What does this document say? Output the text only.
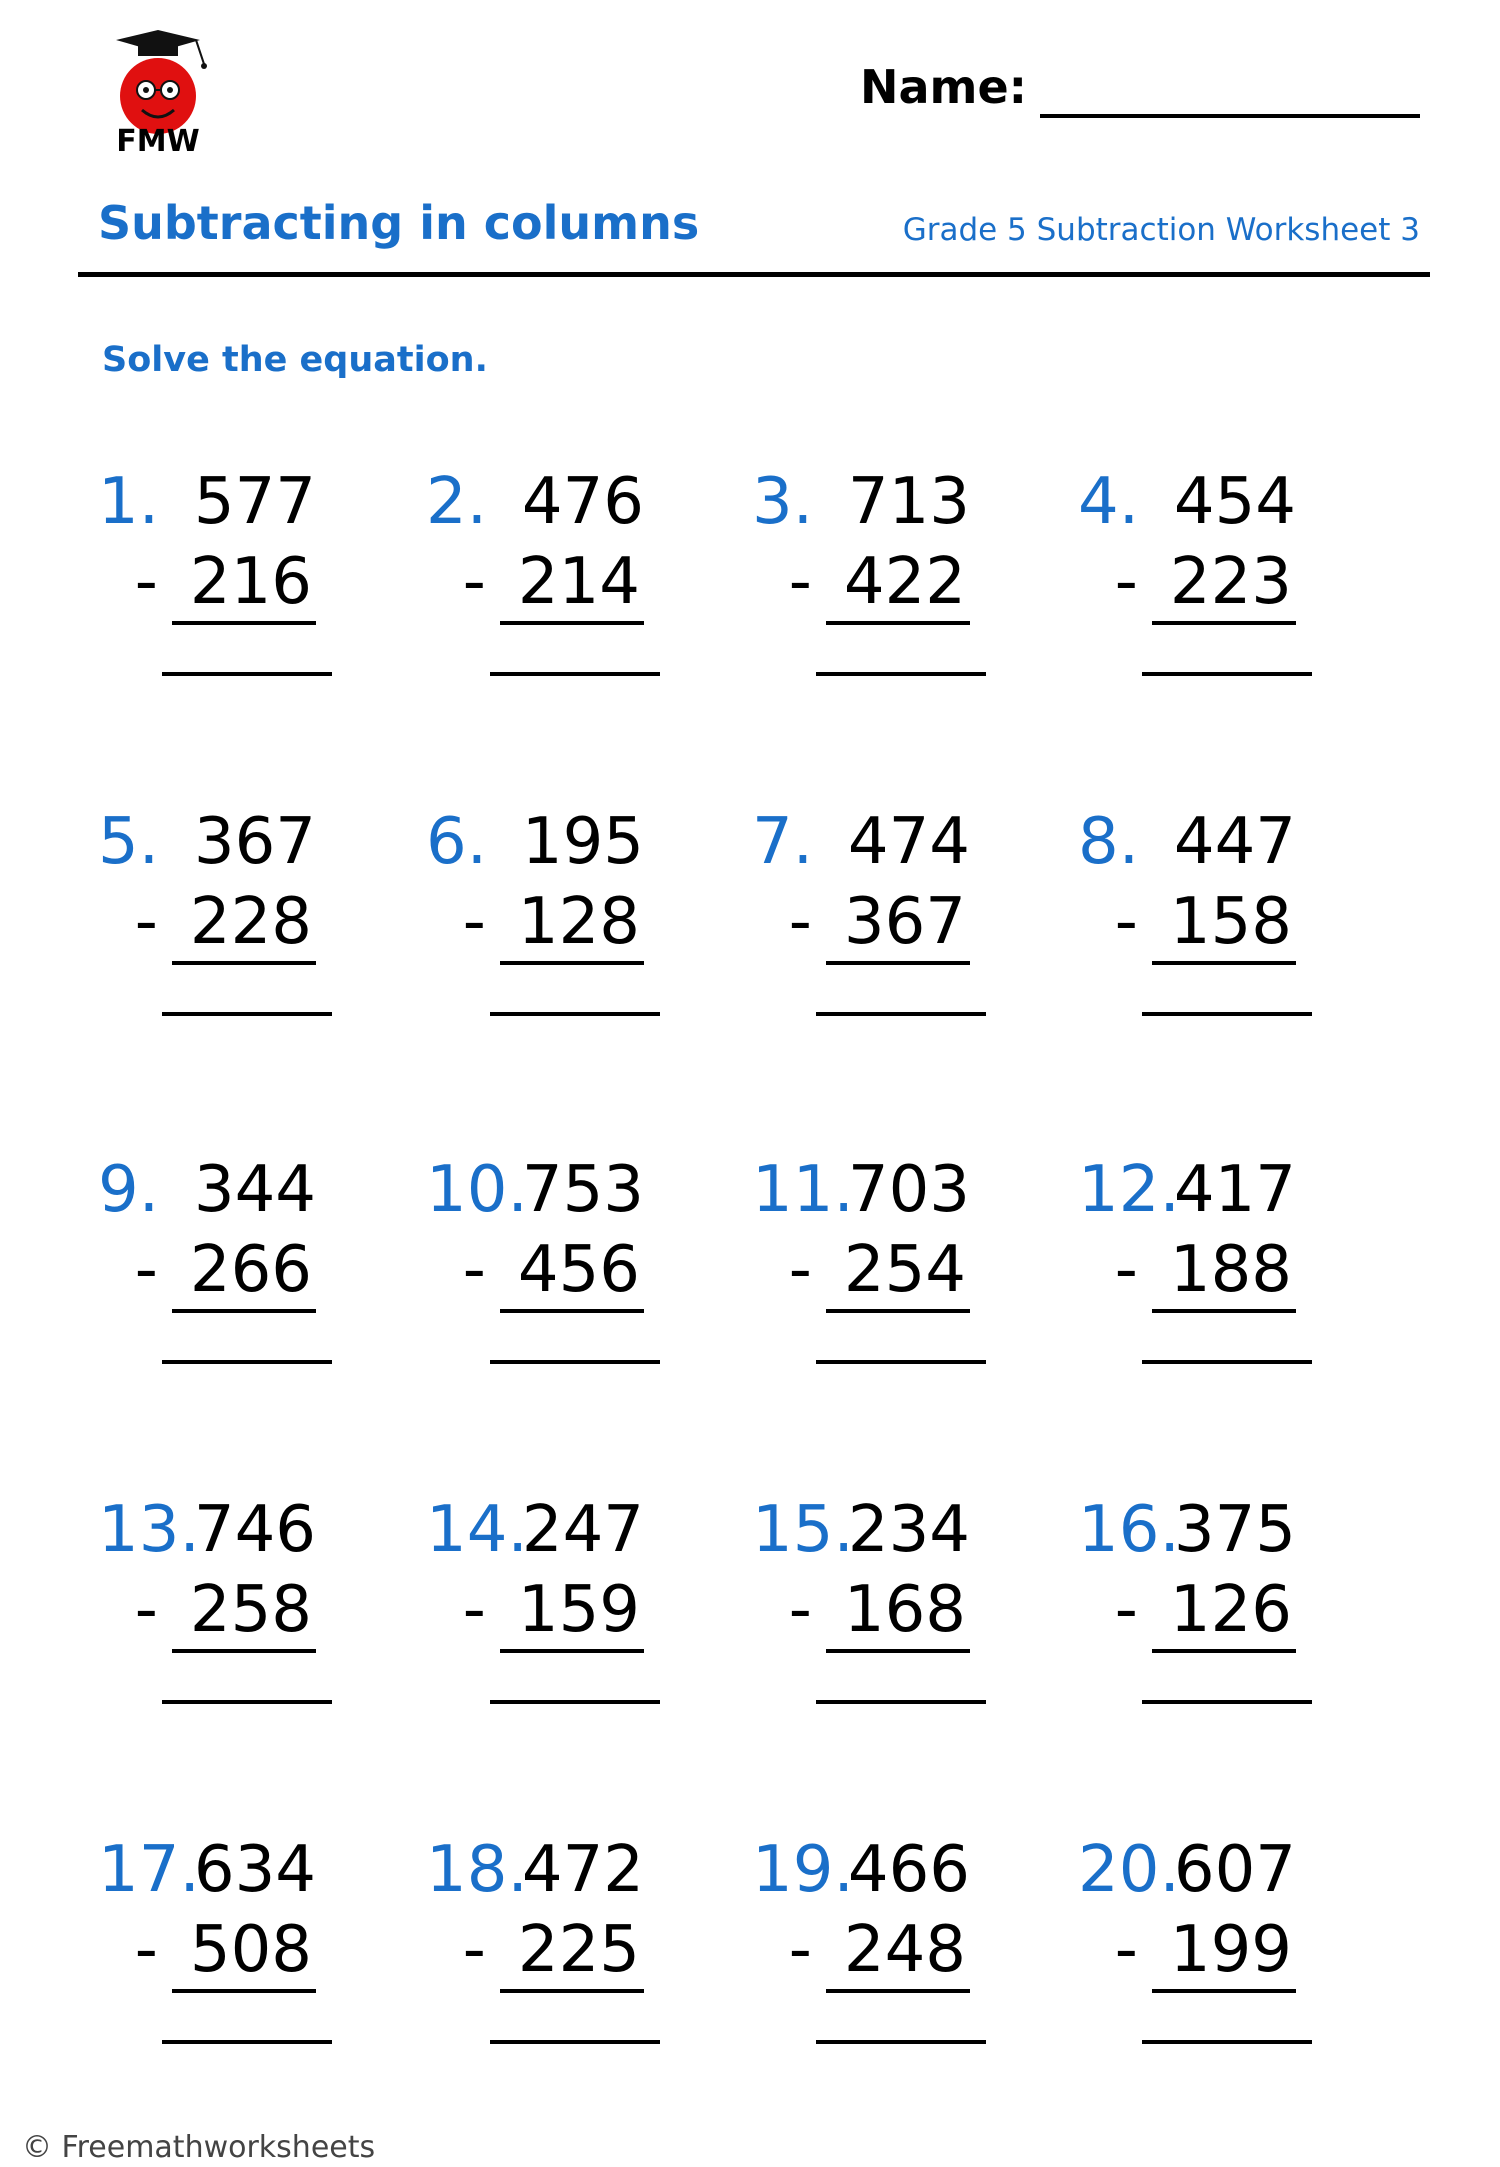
FMW
Name:
Subtracting in columns	Grade 5 Subtraction Worksheet 3
Solve the equation.
1. 577
- 216
2. 476
- 214
3. 713
- 422
4. 454
- 223
5. 367
- 228
6. 195
- 128
7. 474
- 367
8. 447
- 158
9. 344
- 266
10.
753
- 456
11.
703
- 254
12.
417
- 188
13.
746
- 258
14.
247
- 159
15.
234
- 168
16.
375
- 126
17.
634
- 508
18.
472
- 225
19.
466
- 248
20.
607
- 199
© Freemathworksheets
